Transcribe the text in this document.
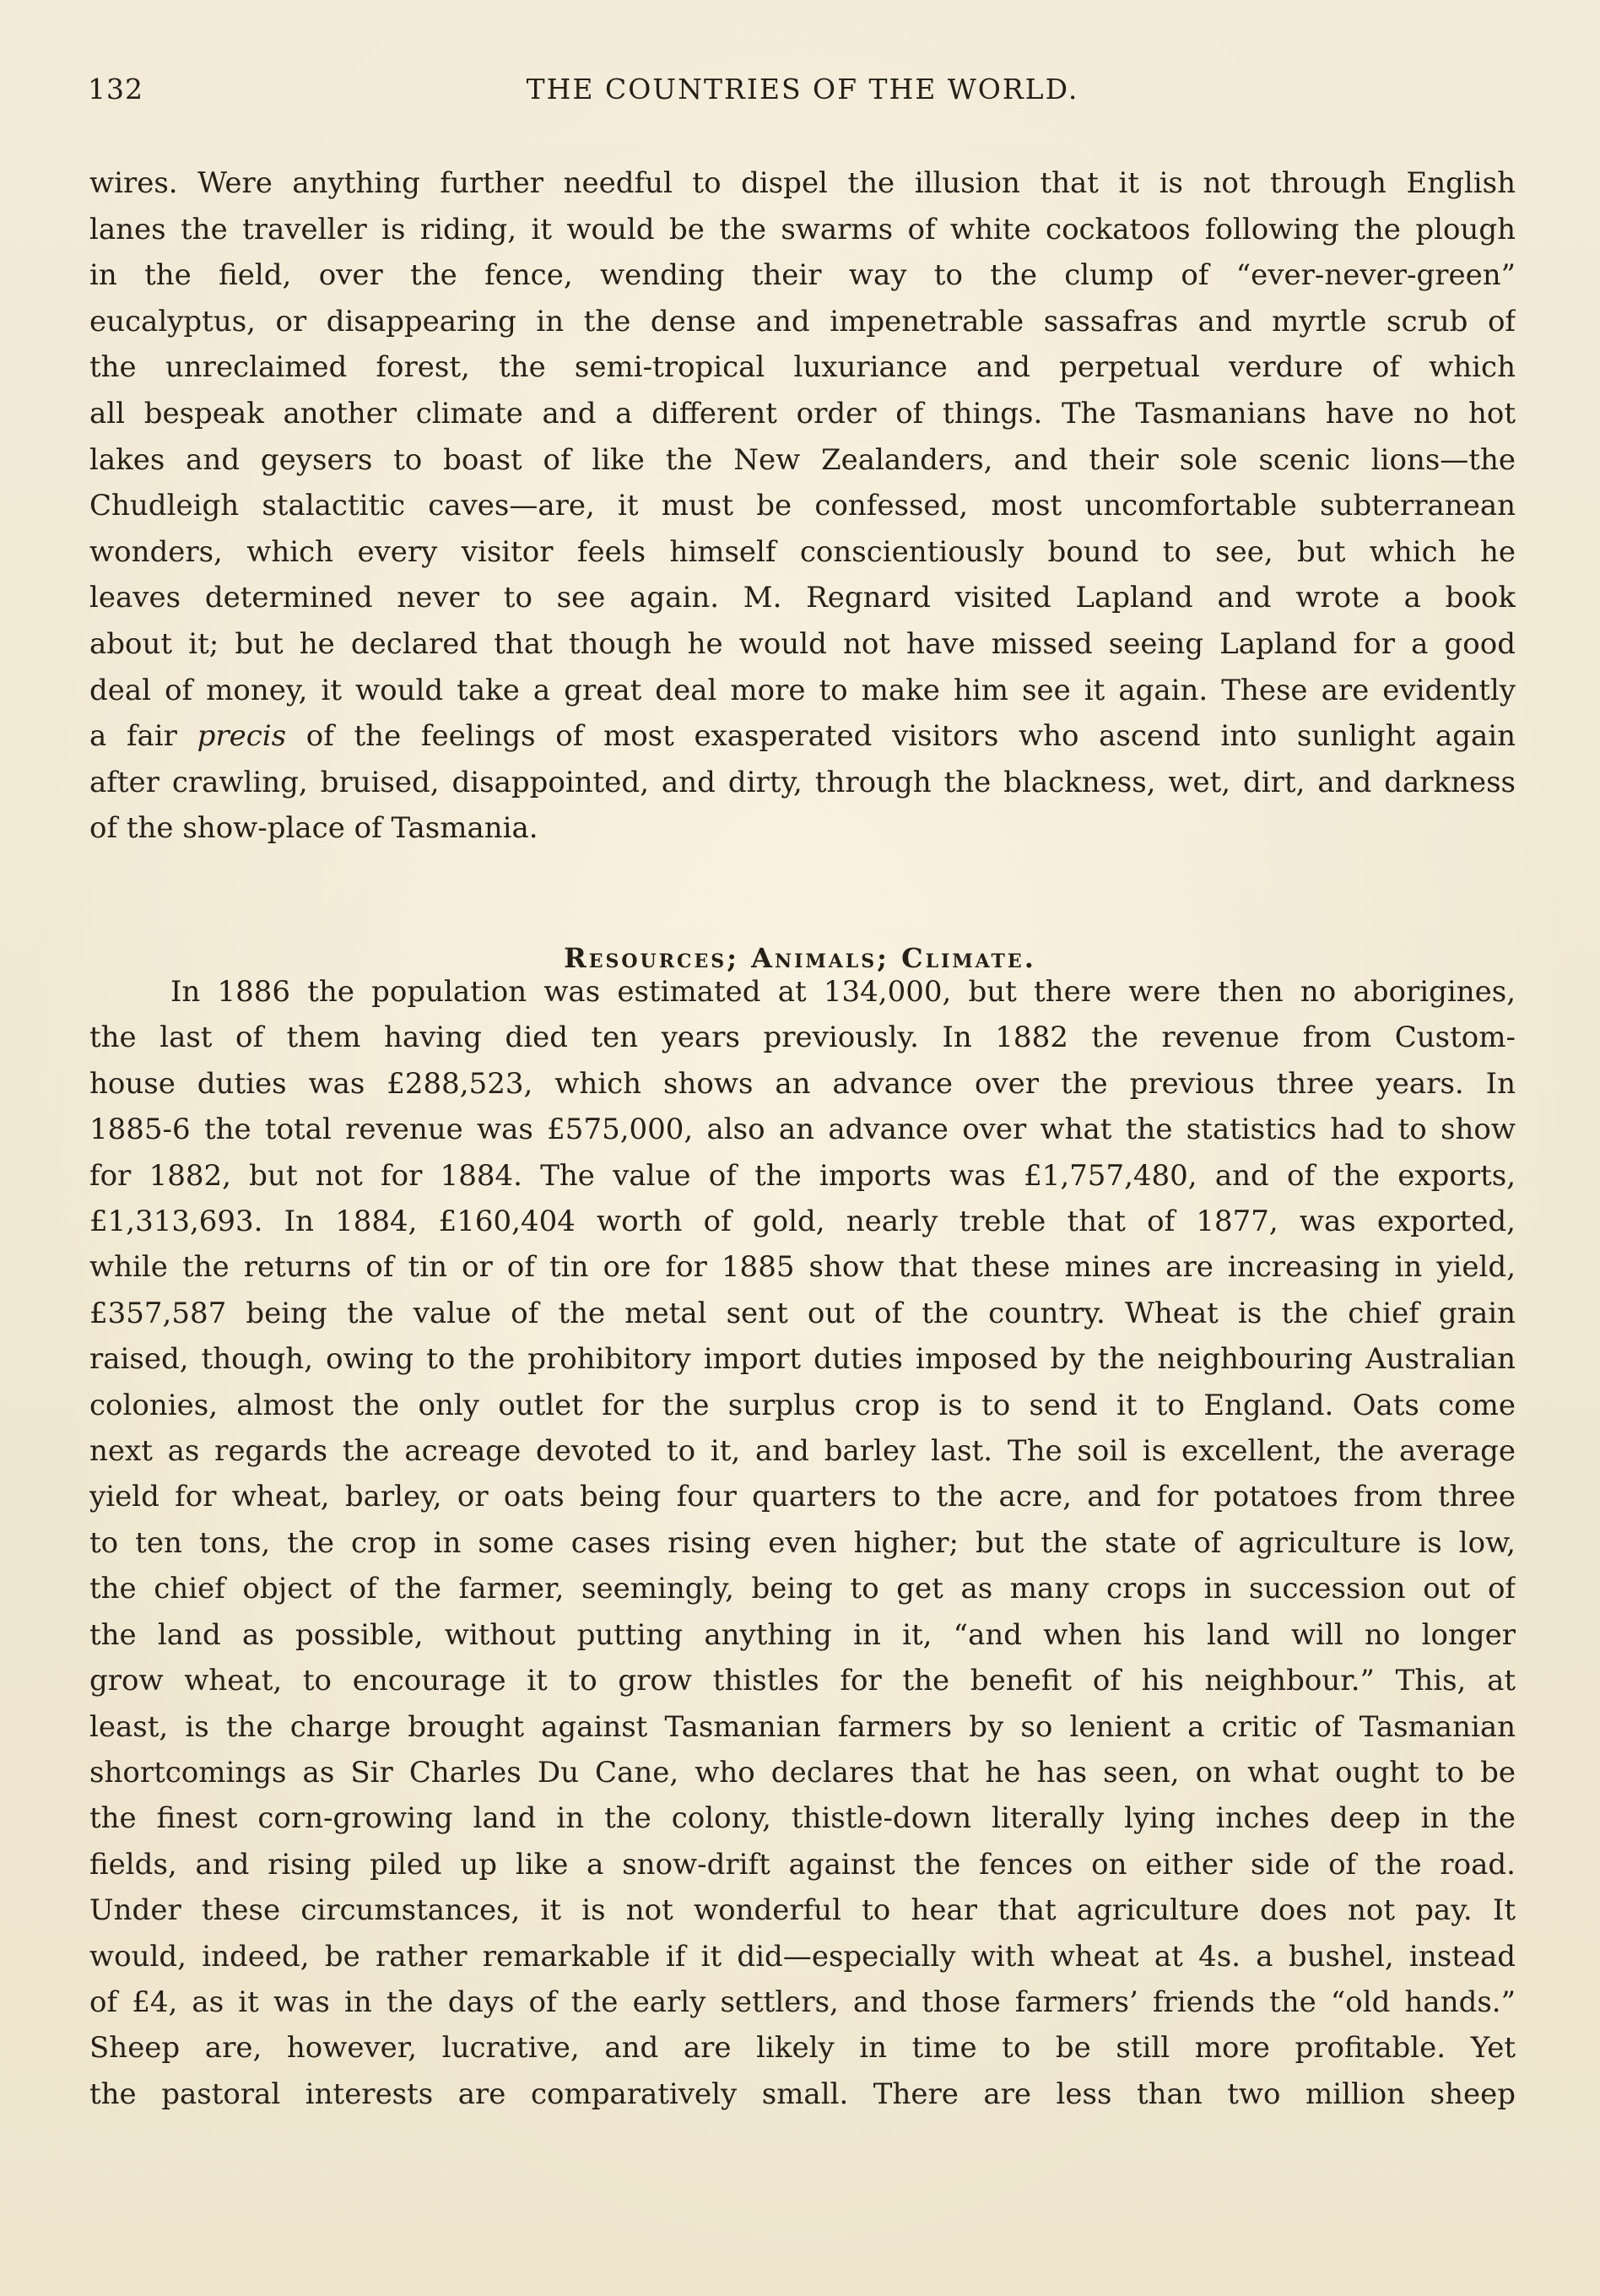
132	THE COUNTRIES OF THE WORLD.
wires. Were anything further needful to dispel the illusion that it is not through English
lanes the traveller is riding, it would be the swarms of white cockatoos following the plough
in the field, over the fence, wending their way to the clump of “ever-never-green”
eucalyptus, or disappearing in the dense and impenetrable sassafras and myrtle scrub of
the unreclaimed forest, the semi-tropical luxuriance and perpetual verdure of which
all bespeak another climate and a different order of things. The Tasmanians have no hot
lakes and geysers to boast of like the New Zealanders, and their sole scenic lions—the
Chudleigh stalactitic caves—are, it must be confessed, most uncomfortable subterranean
wonders, which every visitor feels himself conscientiously bound to see, but which he
leaves determined never to see again. M. Regnard visited Lapland and wrote a book
about it; but he declared that though he would not have missed seeing Lapland for a good
deal of money, it would take a great deal more to make him see it again. These are evidently
a fair precis of the feelings of most exasperated visitors who ascend into sunlight again
after crawling, bruised, disappointed, and dirty, through the blackness, wet, dirt, and darkness
of the show-place of Tasmania.
Resources; Animals; Climate.
In 1886 the population was estimated at 134,000, but there were then no aborigines,
the last of them having died ten years previously. In 1882 the revenue from Custom-
house duties was £288,523, which shows an advance over the previous three years. In
1885-6 the total revenue was £575,000, also an advance over what the statistics had to show
for 1882, but not for 1884. The value of the imports was £1,757,480, and of the exports,
£1,313,693. In 1884, £160,404 worth of gold, nearly treble that of 1877, was exported,
while the returns of tin or of tin ore for 1885 show that these mines are increasing in yield,
£357,587 being the value of the metal sent out of the country. Wheat is the chief grain
raised, though, owing to the prohibitory import duties imposed by the neighbouring Australian
colonies, almost the only outlet for the surplus crop is to send it to England. Oats come
next as regards the acreage devoted to it, and barley last. The soil is excellent, the average
yield for wheat, barley, or oats being four quarters to the acre, and for potatoes from three
to ten tons, the crop in some cases rising even higher; but the state of agriculture is low,
the chief object of the farmer, seemingly, being to get as many crops in succession out of
the land as possible, without putting anything in it, “and when his land will no longer
grow wheat, to encourage it to grow thistles for the benefit of his neighbour.” This, at
least, is the charge brought against Tasmanian farmers by so lenient a critic of Tasmanian
shortcomings as Sir Charles Du Cane, who declares that he has seen, on what ought to be
the finest corn-growing land in the colony, thistle-down literally lying inches deep in the
fields, and rising piled up like a snow-drift against the fences on either side of the road.
Under these circumstances, it is not wonderful to hear that agriculture does not pay. It
would, indeed, be rather remarkable if it did—especially with wheat at 4s. a bushel, instead
of £4, as it was in the days of the early settlers, and those farmers’ friends the “old hands.”
Sheep are, however, lucrative, and are likely in time to be still more profitable. Yet
the pastoral interests are comparatively small. There are less than two million sheep
